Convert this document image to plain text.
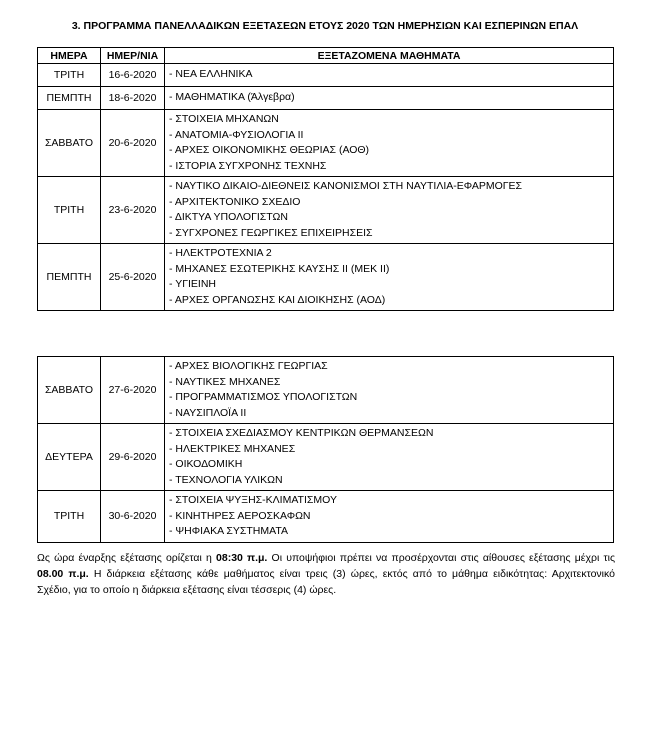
3. ΠΡΟΓΡΑΜΜΑ ΠΑΝΕΛΛΑΔΙΚΩΝ ΕΞΕΤΑΣΕΩΝ ΕΤΟΥΣ 2020 ΤΩΝ ΗΜΕΡΗΣΙΩΝ ΚΑΙ ΕΣΠΕΡΙΝΩΝ ΕΠΑΛ
ΗΜΕΡΑ	ΗΜΕΡ/ΝΙΑ	ΕΞΕΤΑΖΟΜΕΝΑ ΜΑΘΗΜΑΤΑ
ΤΡΙΤΗ	16-6-2020	- ΝΕΑ ΕΛΛΗΝΙΚΑ

ΠΕΜΠΤΗ	18-6-2020	- ΜΑΘΗΜΑΤΙΚΑ (Άλγεβρα)

ΣΑΒΒΑΤΟ	20-6-2020	- ΣΤΟΙΧΕΙΑ ΜΗΧΑΝΩΝ
- ΑΝΑΤΟΜΙΑ-ΦΥΣΙΟΛΟΓΙΑ ΙΙ
- ΑΡΧΕΣ ΟΙΚΟΝΟΜΙΚΗΣ ΘΕΩΡΙΑΣ (ΑΟΘ)
- ΙΣΤΟΡΙΑ ΣΥΓΧΡΟΝΗΣ ΤΕΧΝΗΣ

ΤΡΙΤΗ	23-6-2020	- ΝΑΥΤΙΚΟ ΔΙΚΑΙΟ-ΔΙΕΘΝΕΙΣ ΚΑΝΟΝΙΣΜΟΙ ΣΤΗ ΝΑΥΤΙΛΙΑ-ΕΦΑΡΜΟΓΕΣ
- ΑΡΧΙΤΕΚΤΟΝΙΚΟ ΣΧΕΔΙΟ
- ΔΙΚΤΥΑ ΥΠΟΛΟΓΙΣΤΩΝ
- ΣΥΓΧΡΟΝΕΣ ΓΕΩΡΓΙΚΕΣ ΕΠΙΧΕΙΡΗΣΕΙΣ

ΠΕΜΠΤΗ	25-6-2020	- ΗΛΕΚΤΡΟΤΕΧΝΙΑ 2
- ΜΗΧΑΝΕΣ ΕΣΩΤΕΡΙΚΗΣ ΚΑΥΣΗΣ ΙΙ (ΜΕΚ ΙΙ)
- ΥΓΙΕΙΝΗ
- ΑΡΧΕΣ ΟΡΓΑΝΩΣΗΣ ΚΑΙ ΔΙΟΙΚΗΣΗΣ (ΑΟΔ)
ΣΑΒΒΑΤΟ	27-6-2020	- ΑΡΧΕΣ ΒΙΟΛΟΓΙΚΗΣ ΓΕΩΡΓΙΑΣ
- ΝΑΥΤΙΚΕΣ ΜΗΧΑΝΕΣ
- ΠΡΟΓΡΑΜΜΑΤΙΣΜΟΣ ΥΠΟΛΟΓΙΣΤΩΝ
- ΝΑΥΣΙΠΛΟΪΑ ΙΙ

ΔΕΥΤΕΡΑ	29-6-2020	- ΣΤΟΙΧΕΙΑ ΣΧΕΔΙΑΣΜΟΥ ΚΕΝΤΡΙΚΩΝ ΘΕΡΜΑΝΣΕΩΝ
- ΗΛΕΚΤΡΙΚΕΣ ΜΗΧΑΝΕΣ
- ΟΙΚΟΔΟΜΙΚΗ
- ΤΕΧΝΟΛΟΓΙΑ ΥΛΙΚΩΝ

ΤΡΙΤΗ	30-6-2020	- ΣΤΟΙΧΕΙΑ ΨΥΞΗΣ-ΚΛΙΜΑΤΙΣΜΟΥ
- ΚΙΝΗΤΗΡΕΣ ΑΕΡΟΣΚΑΦΩΝ
- ΨΗΦΙΑΚΑ ΣΥΣΤΗΜΑΤΑ
Ως ώρα έναρξης εξέτασης ορίζεται η 08:30 π.μ. Οι υποψήφιοι πρέπει να προσέρχονται στις αίθουσες εξέτασης μέχρι τις 08.00 π.μ. Η διάρκεια εξέτασης κάθε μαθήματος είναι τρεις (3) ώρες, εκτός από το μάθημα ειδικότητας: Αρχιτεκτονικό Σχέδιο, για το οποίο η διάρκεια εξέτασης είναι τέσσερις (4) ώρες.
